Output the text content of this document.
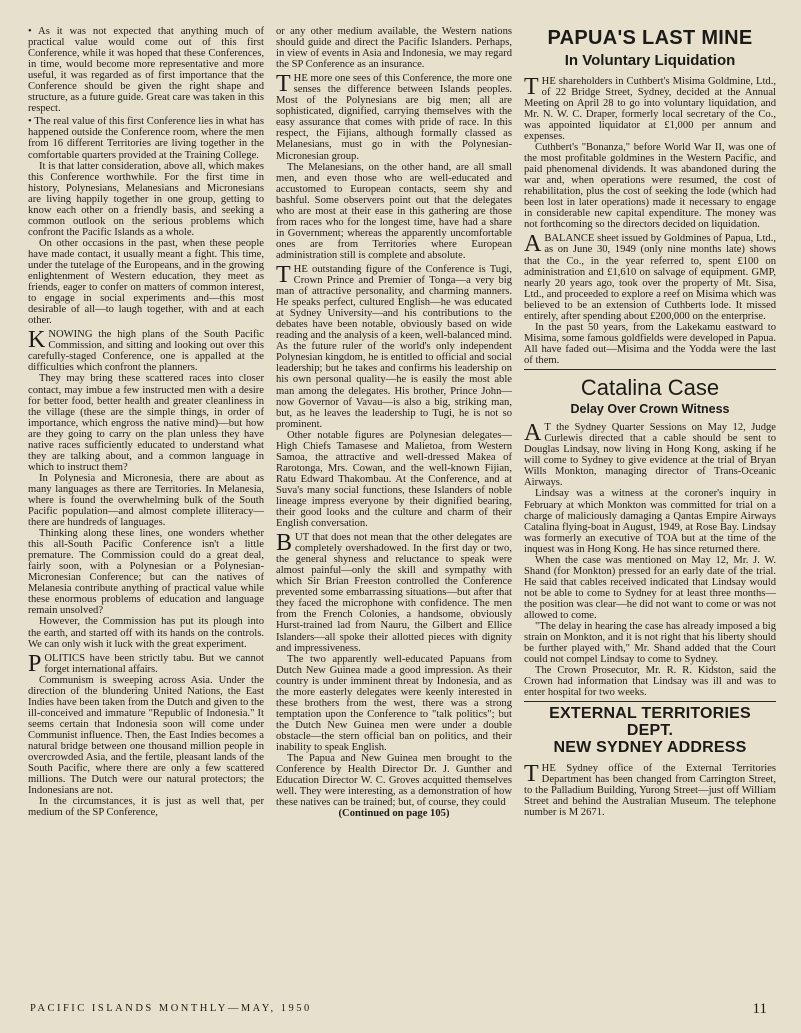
• As it was not expected that anything much of practical value would come out of this first Conference, while it was hoped that these Conferences, in time, would become more representative and more useful, it was regarded as of first importance that the Conference should be given the right shape and structure, as a future guide. Great care was taken in this respect.

• The real value of this first Conference lies in what has happened outside the Conference room, where the men from 16 different Territories are living together in the comfortable quarters provided at the Training College.

It is that latter consideration, above all, which makes this Conference worthwhile. For the first time in history, Polynesians, Melanesians and Micronesians are living happily together in one group, getting to know each other on a friendly basis, and seeking a common outlook on the serious problems which confront the Pacific Islands as a whole.

On other occasions in the past, when these people have made contact, it usually meant a fight. This time, under the tutelage of the Europeans, and in the growing enlightenment of Western education, they meet as friends, eager to confer on matters of common interest, to engage in social experiments and—this most desirable of all—to laugh together, with and at each other.

KNOWING the high plans of the South Pacific Commission, and sitting and looking out over this carefully-staged Conference, one is appalled at the difficulties which confront the planners.

They may bring these scattered races into closer contact, may imbue a few instructed men with a desire for better food, better health and greater cleanliness in the village (these are the simple things, in order of importance, which engross the native mind)—but how are they going to carry on the plan unless they have native races sufficiently educated to understand what they are talking about, and a common language in which to instruct them?

In Polynesia and Micronesia, there are about as many languages as there are Territories. In Melanesia, where is found the overwhelming bulk of the South Pacific population—and almost complete illiteracy—there are hundreds of languages.

Thinking along these lines, one wonders whether this all-South Pacific Conference isn't a little premature. The Commission could do a great deal, fairly soon, with a Polynesian or a Polynesian-Micronesian Conference; but can the natives of Melanesia contribute anything of practical value while these enormous problems of education and language remain unsolved?

However, the Commission has put its plough into the earth, and started off with its hands on the controls. We can only wish it luck with the great experiment.

POLITICS have been strictly tabu. But we cannot forget international affairs.

Communism is sweeping across Asia. Under the direction of the blundering United Nations, the East Indies have been taken from the Dutch and given to the ill-conceived and immature "Republic of Indonesia." It seems certain that Indonesia soon will come under Communist influence. Then, the East Indies becomes a natural bridge between one thousand million people in overcrowded Asia, and the fertile, pleasant lands of the South Pacific, where there are only a few scattered millions. The Dutch were our natural protectors; the Indonesians are not.

In the circumstances, it is just as well that, per medium of the SP Conference,

or any other medium available, the Western nations should guide and direct the Pacific Islanders. Perhaps, in view of events in Asia and Indonesia, we may regard the SP Conference as an insurance.

THE more one sees of this Conference, the more one senses the difference between Islands peoples. Most of the Polynesians are big men; all are sophisticated, dignified, carrying themselves with the easy assurance that comes with pride of race. In this respect, the Fijians, although formally classed as Melanesians, must go in with the Polynesian-Micronesian group.

The Melanesians, on the other hand, are all small men, and even those who are well-educated and accustomed to European contacts, seem shy and bashful. Some observers point out that the delegates who are most at their ease in this gathering are those from races who for the longest time, have had a share in Government; whereas the apparently uncomfortable ones are from Territories where European administration still is complete and absolute.

THE outstanding figure of the Conference is Tugi, Crown Prince and Premier of Tonga—a very big man of attractive personality, and charming manners. He speaks perfect, cultured English—he was educated at Sydney University—and his contributions to the debates have been notable, obviously based on wide reading and the analysis of a keen, well-balanced mind. As the future ruler of the world's only independent Polynesian kingdom, he is entitled to official and social leadership; but he takes and confirms his leadership on his own personal quality—he is easily the most able man among the delegates. His brother, Prince John—now Governor of Vavau—is also a big, striking man, but, as he leaves the leadership to Tugi, he is not so prominent.

Other notable figures are Polynesian delegates—High Chiefs Tamasese and Malietoa, from Western Samoa, the attractive and well-dressed Makea of Rarotonga, Mrs. Cowan, and the well-known Fijian, Ratu Edward Thakombau. At the Conference, and at Suva's many social functions, these Islanders of noble lineage impress everyone by their dignified bearing, their good looks and the culture and charm of their English conversation.

BUT that does not mean that the other delegates are completely overshadowed. In the first day or two, the general shyness and reluctance to speak were almost painful—only the skill and sympathy with which Sir Brian Freeston controlled the Conference prevented some embarrassing situations—but after that they faced the microphone with confidence. The men from the French Colonies, a handsome, obviously Hurst-trained lad from Nauru, the Gilbert and Ellice Islanders—all spoke their allotted pieces with dignity and impressiveness.

The two apparently well-educated Papuans from Dutch New Guinea made a good impression. As their country is under imminent threat by Indonesia, and as the more easterly delegates were keenly interested in these brothers from the west, there was a strong temptation upon the Conference to "talk politics"; but the Dutch New Guinea men were under a double obstacle—the stern official ban on politics, and their inability to speak English.

The Papua and New Guinea men brought to the Conference by Health Director Dr. J. Gunther and Education Director W. C. Groves acquitted themselves well. They were interesting, as a demonstration of how these natives can be trained; but, of course, they could

(Continued on page 105)

PAPUA'S LAST MINE
In Voluntary Liquidation

THE shareholders in Cuthbert's Misima Goldmine, Ltd., of 22 Bridge Street, Sydney, decided at the Annual Meeting on April 28 to go into voluntary liquidation, and Mr. N. W. C. Draper, formerly local secretary of the Co., was appointed liquidator at £1,000 per annum and expenses.

Cuthbert's "Bonanza," before World War II, was one of the most profitable goldmines in the Western Pacific, and paid phenomenal dividends. It was abandoned during the war and, when operations were resumed, the cost of rehabilitation, plus the cost of seeking the lode (which had been lost in later operations) made it necessary to engage in considerable new capital expenditure. The money was not forthcoming so the directors decided on liquidation.

ABALANCE sheet issued by Goldmines of Papua, Ltd., as on June 30, 1949 (only nine months late) shows that the Co., in the year referred to, spent £100 on administration and £1,610 on salvage of equipment. GMP, nearly 20 years ago, took over the property of Mt. Sisa, Ltd., and proceeded to explore a reef on Misima which was believed to be an extension of Cuthberts lode. It missed entirely, after spending about £200,000 on the enterprise.

In the past 50 years, from the Lakekamu eastward to Misima, some famous goldfields were developed in Papua. All have faded out—Misima and the Yodda were the last of them.

Catalina Case
Delay Over Crown Witness

A T the Sydney Quarter Sessions on May 12, Judge Curlewis directed that a cable should be sent to Douglas Lindsay, now living in Hong Kong, asking if he will come to Sydney to give evidence at the trial of Bryan Wills Monkton, managing director of Trans-Oceanic Airways.

Lindsay was a witness at the coroner's inquiry in February at which Monkton was committed for trial on a charge of maliciously damaging a Qantas Empire Airways Catalina flying-boat in August, 1949, at Rose Bay. Lindsay was formerly an executive of TOA but at the time of the inquest was in Hong Kong. He has since returned there.

When the case was mentioned on May 12, Mr. J. W. Shand (for Monkton) pressed for an early date of the trial. He said that cables received indicated that Lindsay would not be able to come to Sydney for at least three months—the position was clear—he did not want to come or was not allowed to come.

"The delay in hearing the case has already imposed a big strain on Monkton, and it is not right that his liberty should be further played with," Mr. Shand added that the Court could not compel Lindsay to come to Sydney.

The Crown Prosecutor, Mr. R. R. Kidston, said the Crown had information that Lindsay was ill and was to enter hospital for two weeks.

EXTERNAL TERRITORIES DEPT.
NEW SYDNEY ADDRESS

THE Sydney office of the External Territories Department has been changed from Carrington Street, to the Palladium Building, Yurong Street—just off William Street and behind the Australian Museum. The telephone number is M 2671.

PACIFIC ISLANDS MONTHLY—MAY, 1950	11
